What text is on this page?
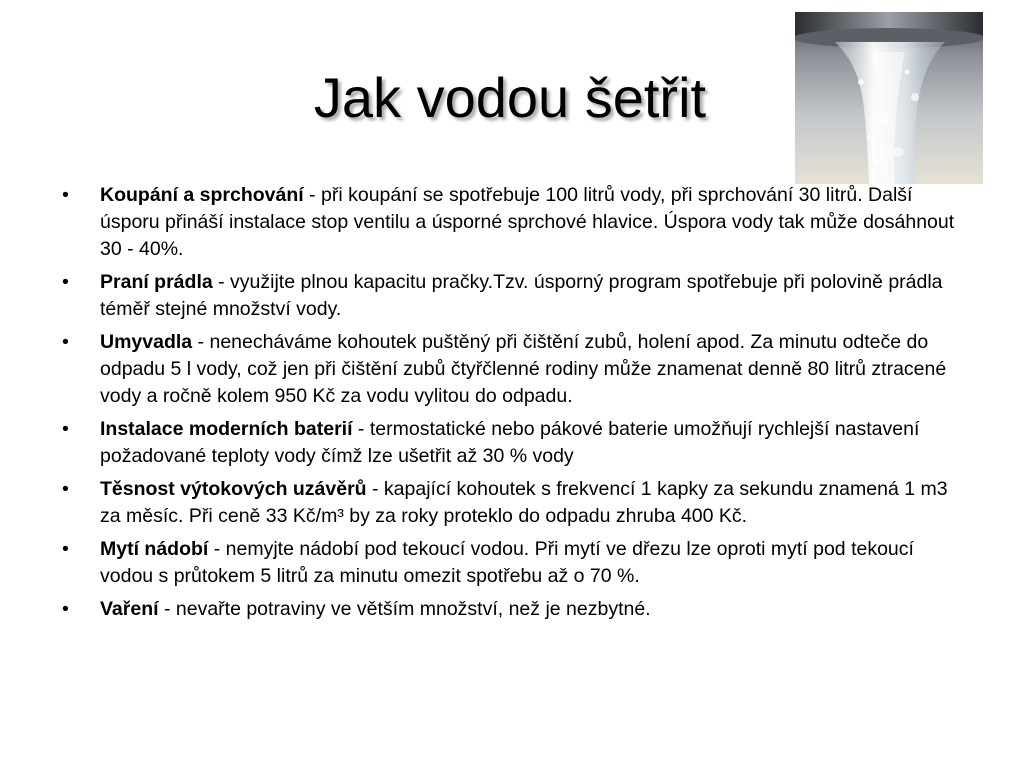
Jak vodou šetřit
• Koupání a sprchování - při koupání se spotřebuje 100 litrů vody, při sprchování 30 litrů. Další úsporu přináší instalace stop ventilu a úsporné sprchové hlavice. Úspora vody tak může dosáhnout 30 - 40%.
• Praní prádla - využijte plnou kapacitu pračky.Tzv. úsporný program spotřebuje při polovině prádla téměř stejné množství vody.
• Umyvadla - nenecháváme kohoutek puštěný při čištění zubů, holení apod. Za minutu odteče do odpadu 5 l vody, což jen při čištění zubů čtyřčlenné rodiny může znamenat denně 80 litrů ztracené vody a ročně kolem 950 Kč za vodu vylitou do odpadu.
• Instalace moderních baterií - termostatické nebo pákové baterie umožňují rychlejší nastavení požadované teploty vody čímž lze ušetřit až 30 % vody
• Těsnost výtokových uzávěrů - kapající kohoutek s frekvencí 1 kapky za sekundu znamená 1 m3 za měsíc. Při ceně 33 Kč/m³ by za roky proteklo do odpadu zhruba 400 Kč.
• Mytí nádobí - nemyjte nádobí pod tekoucí vodou. Při mytí ve dřezu lze oproti mytí pod tekoucí vodou s průtokem 5 litrů za minutu omezit spotřebu až o 70 %.
• Vaření - nevařte potraviny ve větším množství, než je nezbytné.
